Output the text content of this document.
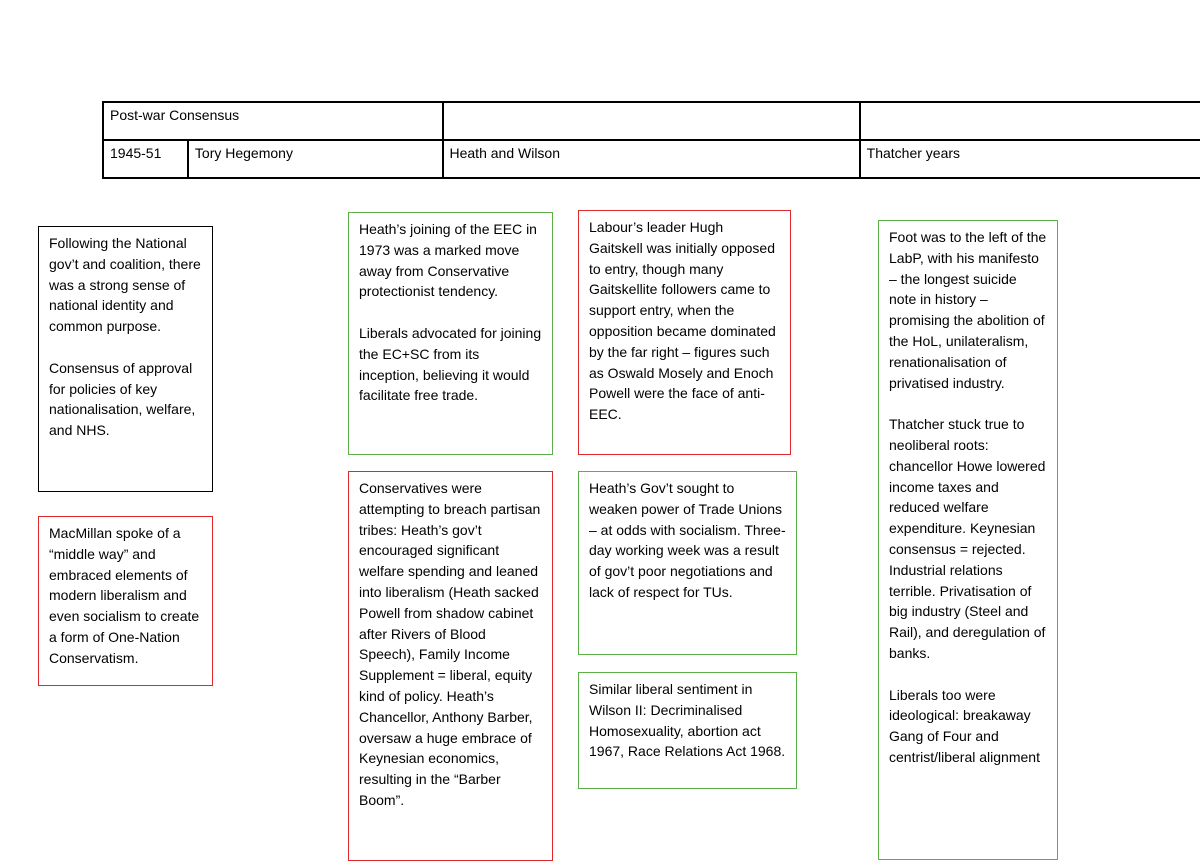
Post-war Consensus			
1945-51	Tory Hegemony	Heath and Wilson	Thatcher years

Following the National gov’t and coalition, there was a strong sense of national identity and common purpose.

Consensus of approval for policies of key nationalisation, welfare, and NHS.

MacMillan spoke of a “middle way” and embraced elements of modern liberalism and even socialism to create a form of One-Nation Conservatism.

Heath’s joining of the EEC in 1973 was a marked move away from Conservative protectionist tendency.

Liberals advocated for joining the EC+SC from its inception, believing it would facilitate free trade.

Conservatives were attempting to breach partisan tribes: Heath’s gov’t encouraged significant welfare spending and leaned into liberalism (Heath sacked Powell from shadow cabinet after Rivers of Blood Speech), Family Income Supplement = liberal, equity kind of policy. Heath’s Chancellor, Anthony Barber, oversaw a huge embrace of Keynesian economics, resulting in the “Barber Boom”.

Labour’s leader Hugh Gaitskell was initially opposed to entry, though many Gaitskellite followers came to support entry, when the opposition became dominated by the far right – figures such as Oswald Mosely and Enoch Powell were the face of anti-EEC.

Heath’s Gov’t sought to weaken power of Trade Unions – at odds with socialism. Three-day working week was a result of gov’t poor negotiations and lack of respect for TUs.

Similar liberal sentiment in Wilson II: Decriminalised Homosexuality, abortion act 1967, Race Relations Act 1968.

Foot was to the left of the LabP, with his manifesto – the longest suicide note in history – promising the abolition of the HoL, unilateralism, renationalisation of privatised industry.

Thatcher stuck true to neoliberal roots: chancellor Howe lowered income taxes and reduced welfare expenditure. Keynesian consensus = rejected. Industrial relations terrible. Privatisation of big industry (Steel and Rail), and deregulation of banks.

Liberals too were ideological: breakaway Gang of Four and centrist/liberal alignment
